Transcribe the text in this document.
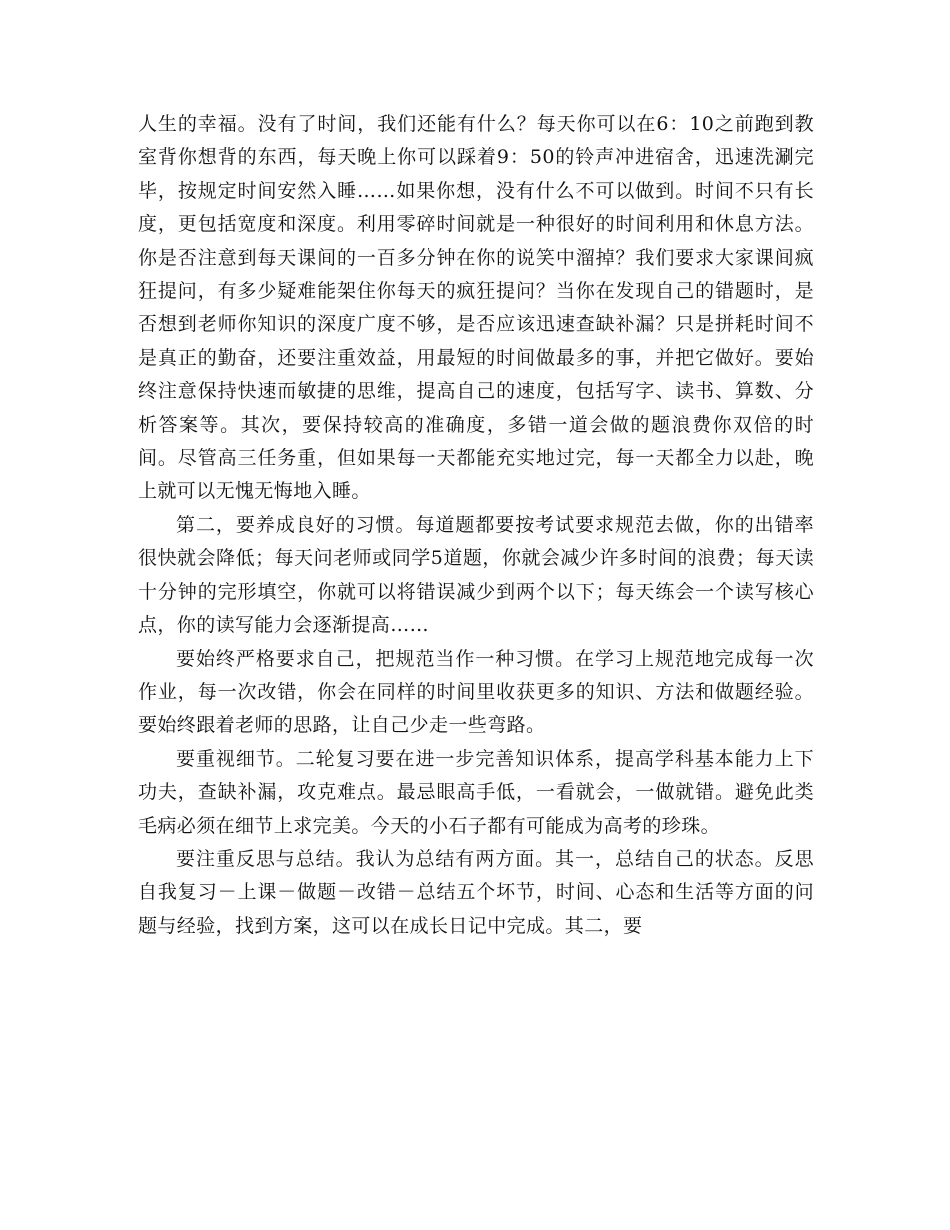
人生的幸福。没有了时间，我们还能有什么？每天你可以在6：10之前跑到教室背你想背的东西，每天晚上你可以踩着9：50的铃声冲进宿舍，迅速洗涮完毕，按规定时间安然入睡……如果你想，没有什么不可以做到。时间不只有长度，更包括宽度和深度。利用零碎时间就是一种很好的时间利用和休息方法。你是否注意到每天课间的一百多分钟在你的说笑中溜掉？我们要求大家课间疯狂提问，有多少疑难能架住你每天的疯狂提问？当你在发现自己的错题时，是否想到老师你知识的深度广度不够，是否应该迅速查缺补漏？只是拼耗时间不是真正的勤奋，还要注重效益，用最短的时间做最多的事，并把它做好。要始终注意保持快速而敏捷的思维，提高自己的速度，包括写字、读书、算数、分析答案等。其次，要保持较高的准确度，多错一道会做的题浪费你双倍的时间。尽管高三任务重，但如果每一天都能充实地过完，每一天都全力以赴，晚上就可以无愧无悔地入睡。

第二，要养成良好的习惯。每道题都要按考试要求规范去做，你的出错率很快就会降低；每天问老师或同学5道题，你就会减少许多时间的浪费；每天读十分钟的完形填空，你就可以将错误减少到两个以下；每天练会一个读写核心点，你的读写能力会逐渐提高……

要始终严格要求自己，把规范当作一种习惯。在学习上规范地完成每一次作业，每一次改错，你会在同样的时间里收获更多的知识、方法和做题经验。要始终跟着老师的思路，让自己少走一些弯路。

要重视细节。二轮复习要在进一步完善知识体系，提高学科基本能力上下功夫，查缺补漏，攻克难点。最忌眼高手低，一看就会，一做就错。避免此类毛病必须在细节上求完美。今天的小石子都有可能成为高考的珍珠。

要注重反思与总结。我认为总结有两方面。其一，总结自己的状态。反思自我复习－上课－做题－改错－总结五个坏节，时间、心态和生活等方面的问题与经验，找到方案，这可以在成长日记中完成。其二，要
